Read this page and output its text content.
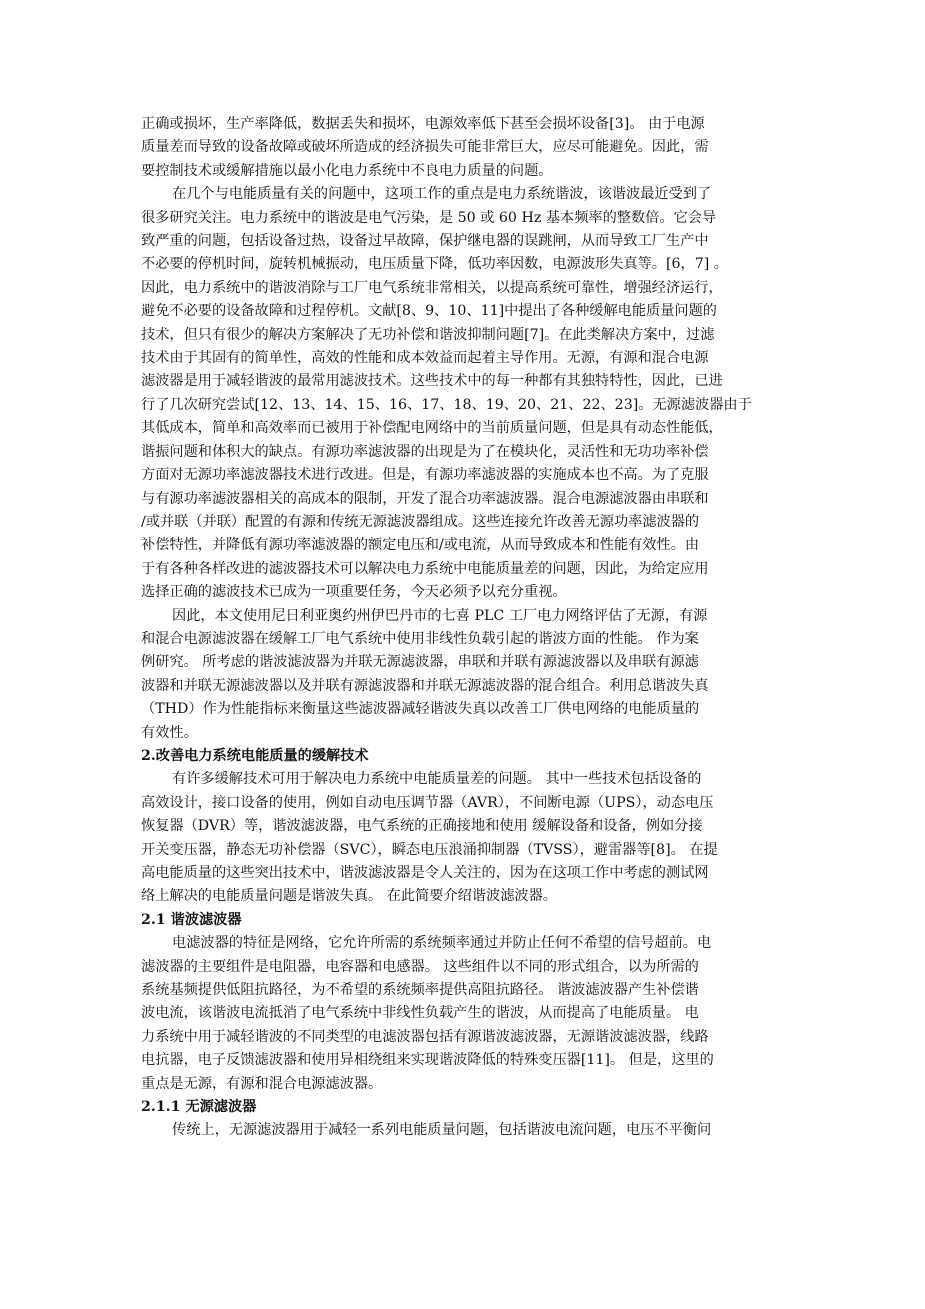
正确或损坏，生产率降低，数据丢失和损坏，电源效率低下甚至会损坏设备[3]。 由于电源
质量差而导致的设备故障或破坏所造成的经济损失可能非常巨大，应尽可能避免。因此，需
要控制技术或缓解措施以最小化电力系统中不良电力质量的问题。
在几个与电能质量有关的问题中，这项工作的重点是电力系统谐波，该谐波最近受到了
很多研究关注。电力系统中的谐波是电气污染，是 50 或 60 Hz 基本频率的整数倍。它会导
致严重的问题，包括设备过热，设备过早故障，保护继电器的误跳闸，从而导致工厂生产中
不必要的停机时间，旋转机械振动，电压质量下降，低功率因数，电源波形失真等。[6，7] 。
因此，电力系统中的谐波消除与工厂电气系统非常相关，以提高系统可靠性，增强经济运行，
避免不必要的设备故障和过程停机。文献[8、9、10、11]中提出了各种缓解电能质量问题的
技术，但只有很少的解决方案解决了无功补偿和谐波抑制问题[7]。在此类解决方案中，过滤
技术由于其固有的简单性，高效的性能和成本效益而起着主导作用。无源，有源和混合电源
滤波器是用于减轻谐波的最常用滤波技术。这些技术中的每一种都有其独特特性，因此，已进
行了几次研究尝试[12、13、14、15、16、17、18、19、20、21、22、23]。无源滤波器由于
其低成本，简单和高效率而已被用于补偿配电网络中的当前质量问题，但是具有动态性能低，
谐振问题和体积大的缺点。有源功率滤波器的出现是为了在模块化，灵活性和无功功率补偿
方面对无源功率滤波器技术进行改进。但是，有源功率滤波器的实施成本也不高。为了克服
与有源功率滤波器相关的高成本的限制，开发了混合功率滤波器。混合电源滤波器由串联和
/或并联（并联）配置的有源和传统无源滤波器组成。这些连接允许改善无源功率滤波器的
补偿特性，并降低有源功率滤波器的额定电压和/或电流，从而导致成本和性能有效性。由
于有各种各样改进的滤波器技术可以解决电力系统中电能质量差的问题，因此，为给定应用
选择正确的滤波技术已成为一项重要任务，今天必须予以充分重视。
因此，本文使用尼日利亚奥约州伊巴丹市的七喜 PLC 工厂电力网络评估了无源，有源
和混合电源滤波器在缓解工厂电气系统中使用非线性负载引起的谐波方面的性能。 作为案
例研究。 所考虑的谐波滤波器为并联无源滤波器，串联和并联有源滤波器以及串联有源滤
波器和并联无源滤波器以及并联有源滤波器和并联无源滤波器的混合组合。利用总谐波失真
（THD）作为性能指标来衡量这些滤波器减轻谐波失真以改善工厂供电网络的电能质量的
有效性。
2.改善电力系统电能质量的缓解技术
有许多缓解技术可用于解决电力系统中电能质量差的问题。 其中一些技术包括设备的
高效设计，接口设备的使用，例如自动电压调节器（AVR），不间断电源（UPS），动态电压
恢复器（DVR）等，谐波滤波器，电气系统的正确接地和使用 缓解设备和设备，例如分接
开关变压器，静态无功补偿器（SVC），瞬态电压浪涌抑制器（TVSS），避雷器等[8]。 在提
高电能质量的这些突出技术中，谐波滤波器是令人关注的，因为在这项工作中考虑的测试网
络上解决的电能质量问题是谐波失真。 在此简要介绍谐波滤波器。
2.1 谐波滤波器
电滤波器的特征是网络，它允许所需的系统频率通过并防止任何不希望的信号超前。电
滤波器的主要组件是电阻器，电容器和电感器。 这些组件以不同的形式组合，以为所需的
系统基频提供低阻抗路径，为不希望的系统频率提供高阻抗路径。 谐波滤波器产生补偿谐
波电流，该谐波电流抵消了电气系统中非线性负载产生的谐波，从而提高了电能质量。 电
力系统中用于减轻谐波的不同类型的电滤波器包括有源谐波滤波器，无源谐波滤波器，线路
电抗器，电子反馈滤波器和使用异相绕组来实现谐波降低的特殊变压器[11]。 但是，这里的
重点是无源，有源和混合电源滤波器。
2.1.1 无源滤波器
传统上，无源滤波器用于减轻一系列电能质量问题，包括谐波电流问题，电压不平衡问
